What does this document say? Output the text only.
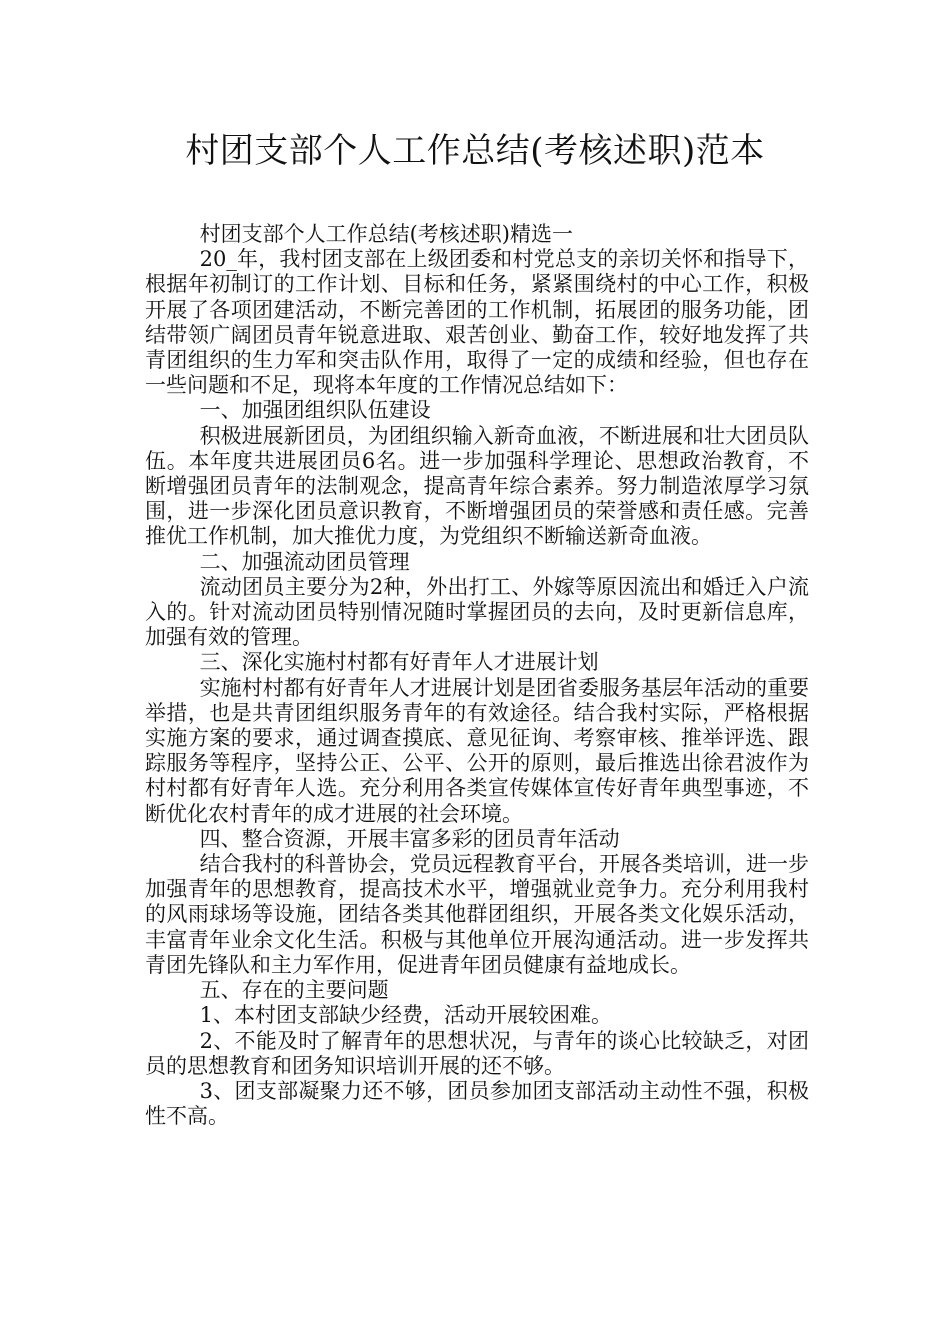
村团支部个人工作总结(考核述职)范本

村团支部个人工作总结(考核述职)精选一

20_年，我村团支部在上级团委和村党总支的亲切关怀和指导下，根据年初制订的工作计划、目标和任务，紧紧围绕村的中心工作，积极开展了各项团建活动，不断完善团的工作机制，拓展团的服务功能，团结带领广阔团员青年锐意进取、艰苦创业、勤奋工作，较好地发挥了共青团组织的生力军和突击队作用，取得了一定的成绩和经验，但也存在一些问题和不足，现将本年度的工作情况总结如下：

一、加强团组织队伍建设

积极进展新团员，为团组织输入新奇血液，不断进展和壮大团员队伍。本年度共进展团员6名。进一步加强科学理论、思想政治教育，不断增强团员青年的法制观念，提高青年综合素养。努力制造浓厚学习氛围，进一步深化团员意识教育，不断增强团员的荣誉感和责任感。完善推优工作机制，加大推优力度，为党组织不断输送新奇血液。

二、加强流动团员管理

流动团员主要分为2种，外出打工、外嫁等原因流出和婚迁入户流入的。针对流动团员特别情况随时掌握团员的去向，及时更新信息库，加强有效的管理。

三、深化实施村村都有好青年人才进展计划

实施村村都有好青年人才进展计划是团省委服务基层年活动的重要举措，也是共青团组织服务青年的有效途径。结合我村实际，严格根据实施方案的要求，通过调查摸底、意见征询、考察审核、推举评选、跟踪服务等程序，坚持公正、公平、公开的原则，最后推选出徐君波作为村村都有好青年人选。充分利用各类宣传媒体宣传好青年典型事迹，不断优化农村青年的成才进展的社会环境。

四、整合资源，开展丰富多彩的团员青年活动

结合我村的科普协会，党员远程教育平台，开展各类培训，进一步加强青年的思想教育，提高技术水平，增强就业竞争力。充分利用我村的风雨球场等设施，团结各类其他群团组织，开展各类文化娱乐活动，丰富青年业余文化生活。积极与其他单位开展沟通活动。进一步发挥共青团先锋队和主力军作用，促进青年团员健康有益地成长。

五、存在的主要问题

1、本村团支部缺少经费，活动开展较困难。

2、不能及时了解青年的思想状况，与青年的谈心比较缺乏，对团员的思想教育和团务知识培训开展的还不够。

3、团支部凝聚力还不够，团员参加团支部活动主动性不强，积极性不高。
